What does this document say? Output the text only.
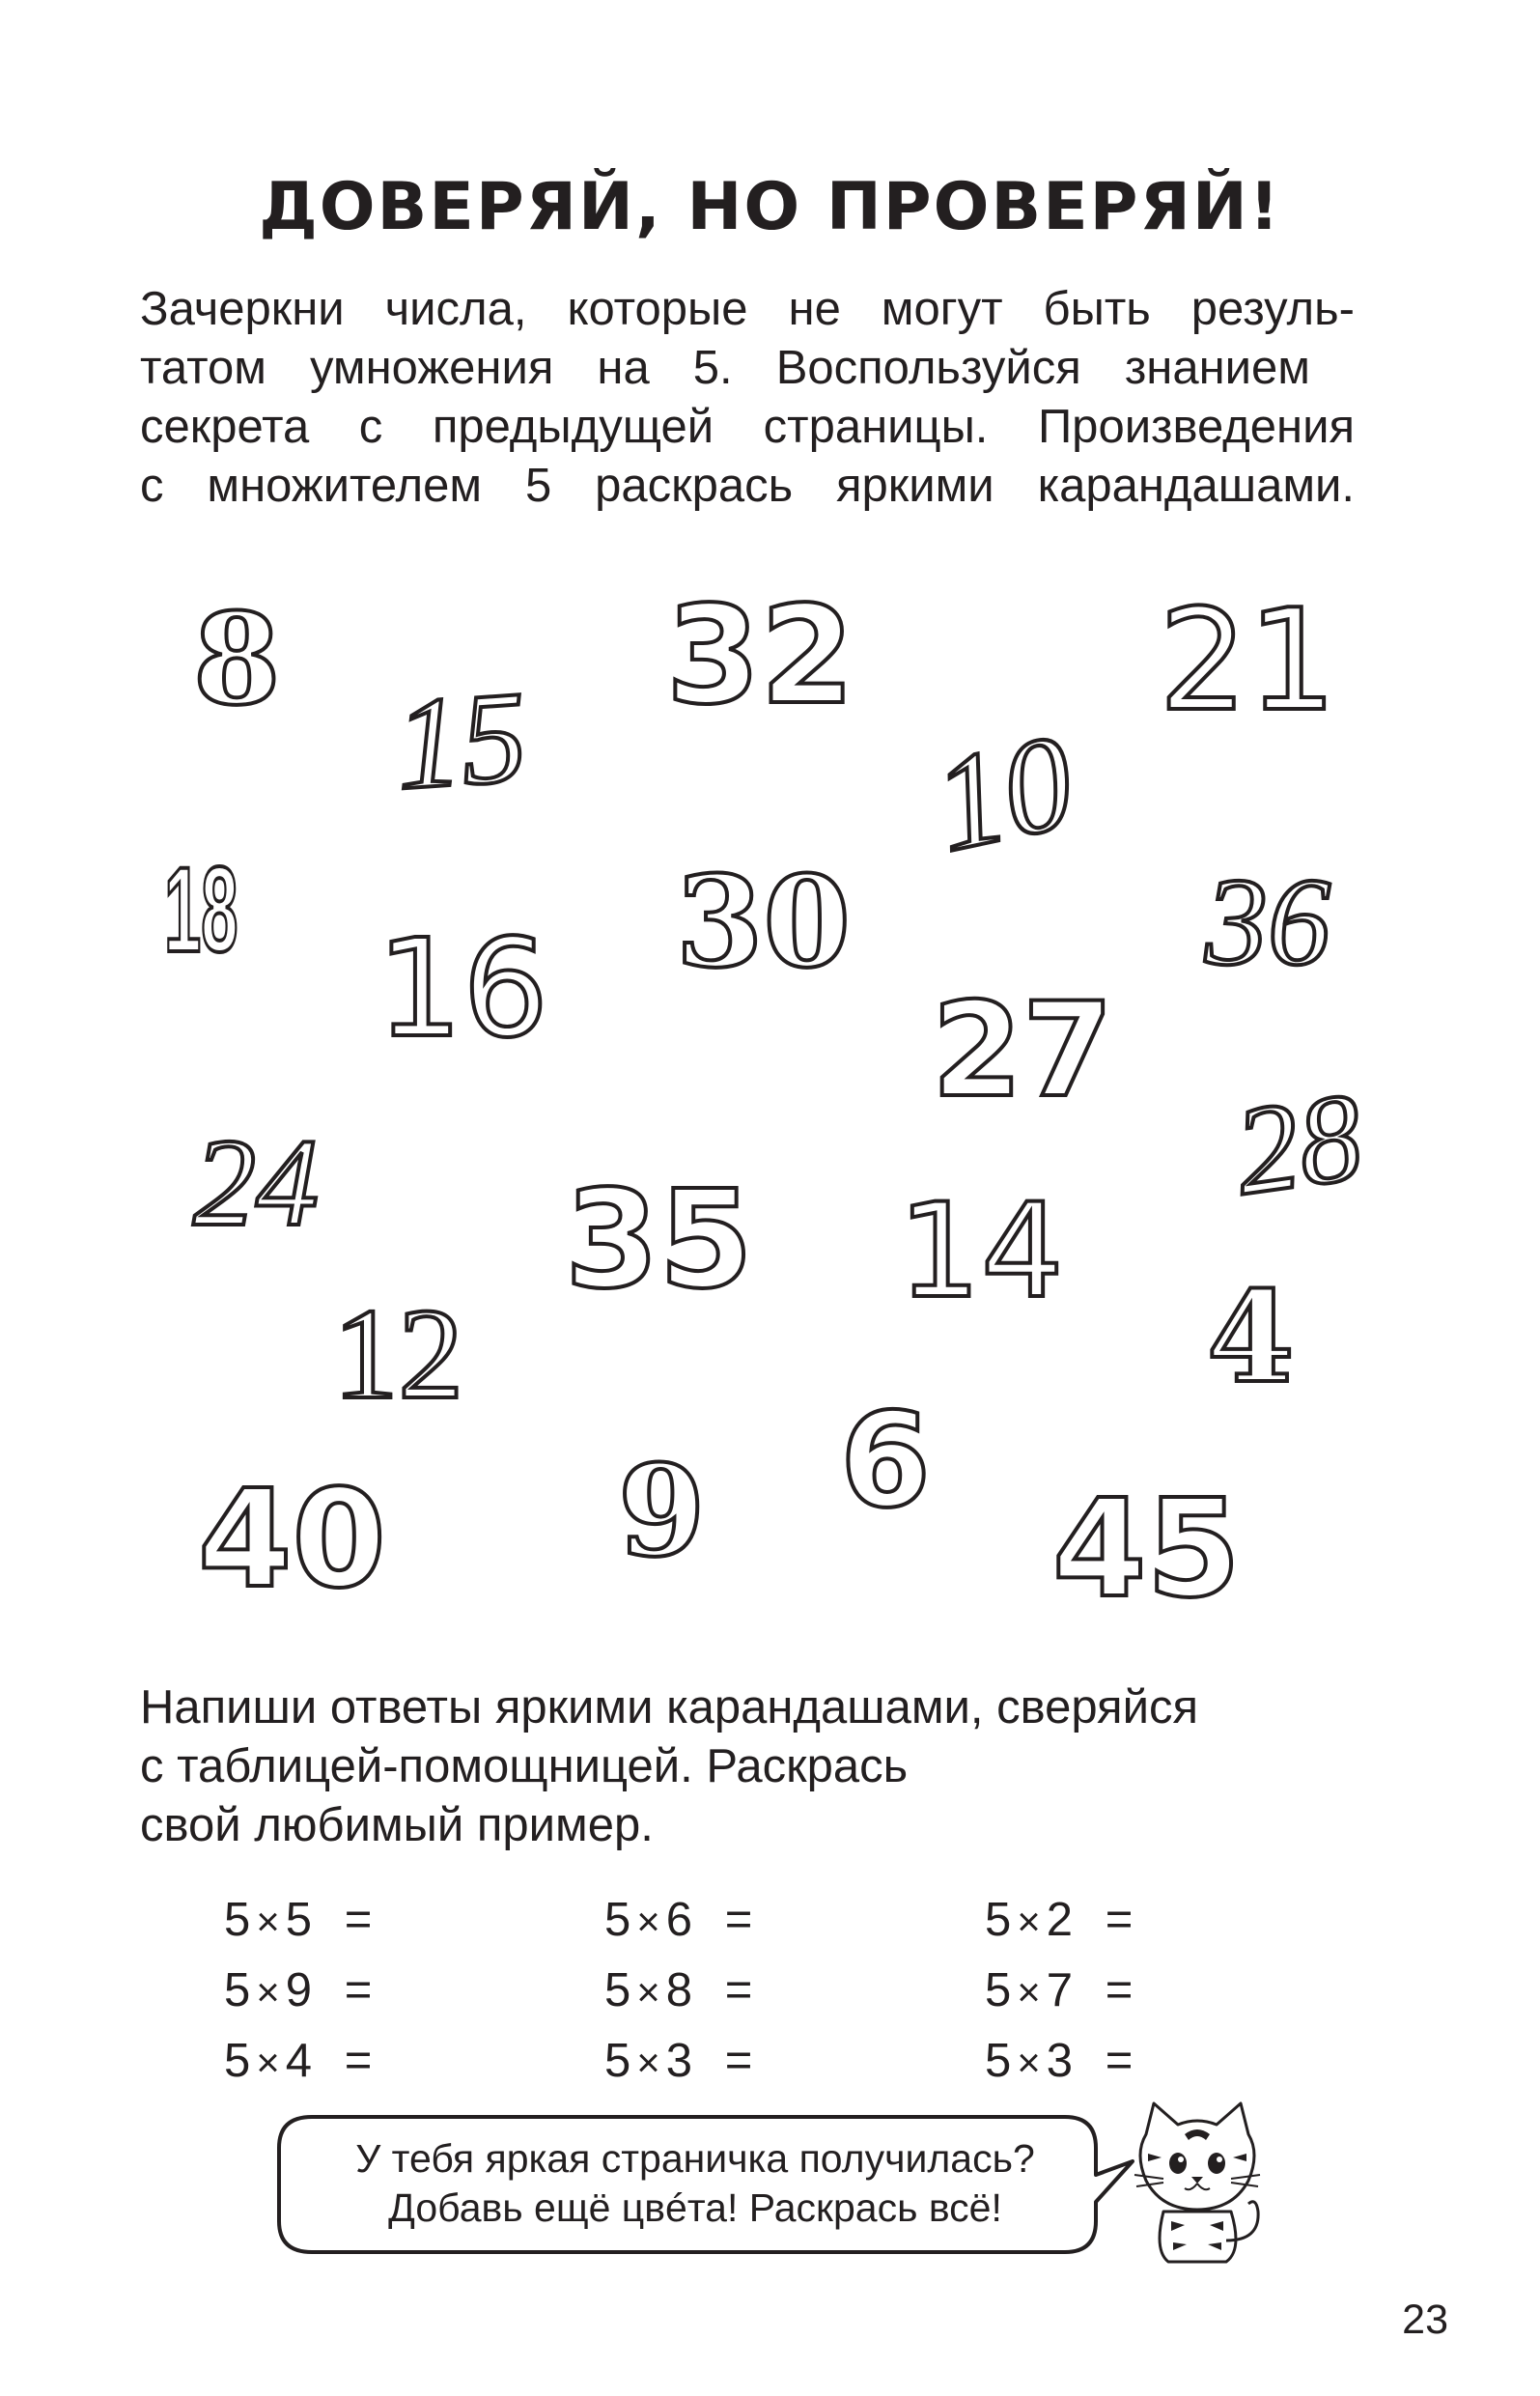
ДОВЕРЯЙ, НО ПРОВЕРЯЙ!
Зачеркни числа, которые не могут быть резуль-
татом умножения на 5. Воспользуйся знанием
секрета с предыдущей страницы. Произведения
с множителем 5 раскрась яркими карандашами.
8	32 21
15	10
18	30	36
16	27
28
24 35 14
12	4
6
9
40	45
Напиши ответы яркими карандашами, сверяйся
с таблицей-помощницей. Раскрась
свой любимый пример.
5 × 5 =	5 × 6 =	5 × 2 =
5 × 9 =	5 × 8 =	5 × 7 =
5 × 4 =	5 × 3 =	5 × 3 =
У тебя яркая страничка получилась?
Добавь ещё цвéта! Раскрась всё!
23
